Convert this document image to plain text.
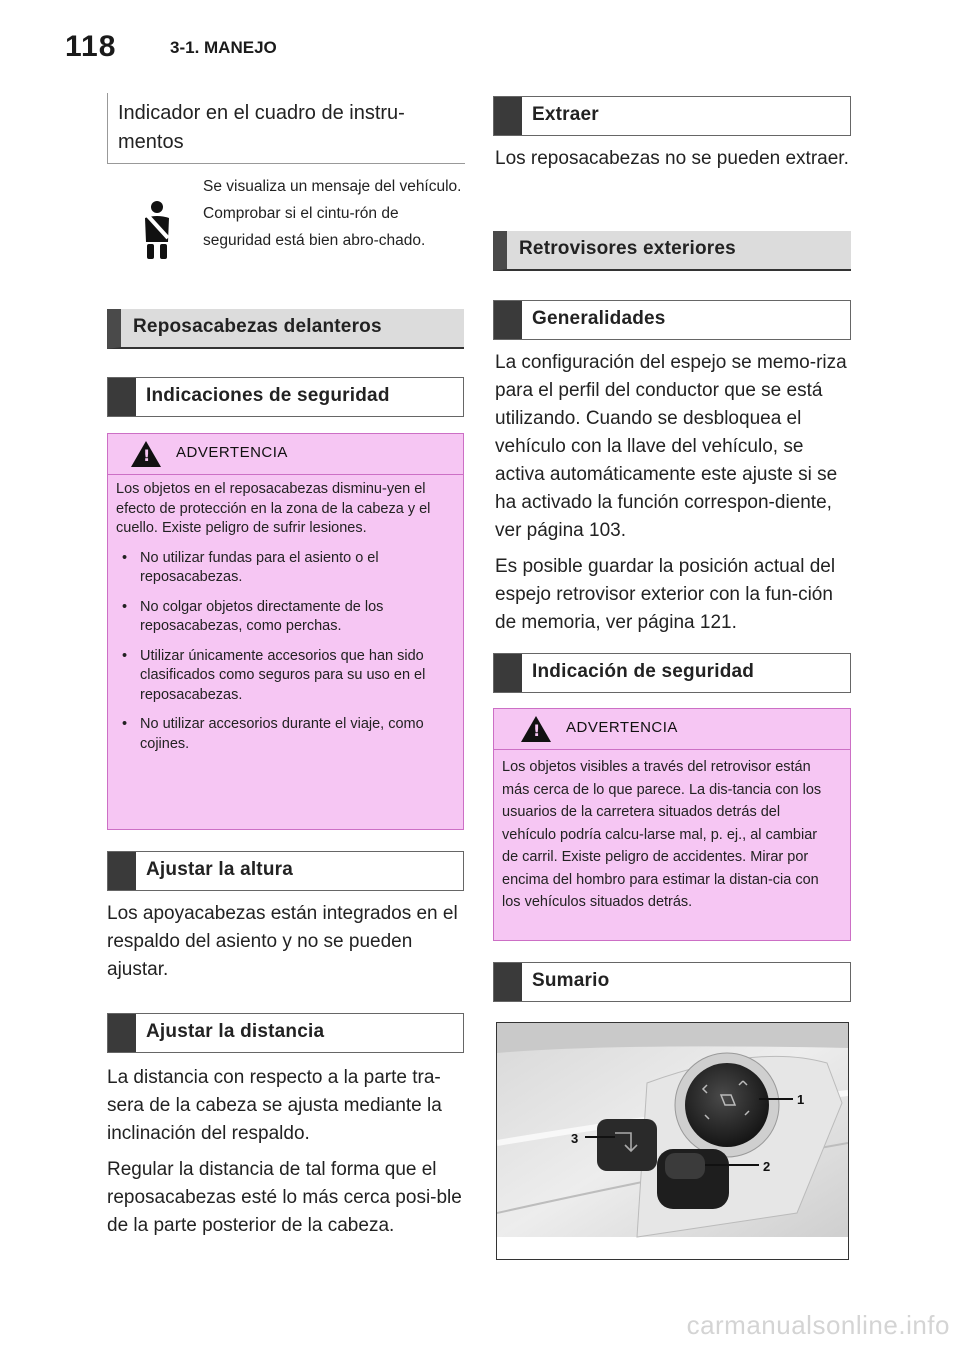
118	3-1. MANEJO
Indicador en el cuadro de instru-mentos
Se visualiza un mensaje del vehículo. Comprobar si el cintu-rón de seguridad está bien abro-chado.
Reposacabezas delanteros
Indicaciones de seguridad
!
ADVERTENCIA

Los objetos en el reposacabezas disminu-yen el efecto de protección en la zona de la cabeza y el cuello. Existe peligro de sufrir lesiones.

• No utilizar fundas para el asiento o el reposacabezas.
• No colgar objetos directamente de los reposacabezas, como perchas.
• Utilizar únicamente accesorios que han sido clasificados como seguros para su uso en el reposacabezas.
• No utilizar accesorios durante el viaje, como cojines.
Ajustar la altura

Los apoyacabezas están integrados en el respaldo del asiento y no se pueden ajustar.

Ajustar la distancia

La distancia con respecto a la parte tra-sera de la cabeza se ajusta mediante la inclinación del respaldo.

Regular la distancia de tal forma que el reposacabezas esté lo más cerca posi-ble de la parte posterior de la cabeza.

Extraer

Los reposacabezas no se pueden extraer.

Retrovisores exteriores
Generalidades

La configuración del espejo se memo-riza para el perfil del conductor que se está utilizando. Cuando se desbloquea el vehículo con la llave del vehículo, se activa automáticamente este ajuste si se ha activado la función correspon-diente, ver página 103.

Es posible guardar la posición actual del espejo retrovisor exterior con la fun-ción de memoria, ver página 121.

Indicación de seguridad
!
ADVERTENCIA

Los objetos visibles a través del retrovisor están más cerca de lo que parece. La dis-tancia con los usuarios de la carretera situados detrás del vehículo podría calcu-larse mal, p. ej., al cambiar de carril. Existe peligro de accidentes. Mirar por encima del hombro para estimar la distan-cia con los vehículos situados detrás.

Sumario
1
2
3
carmanualsonline.info
